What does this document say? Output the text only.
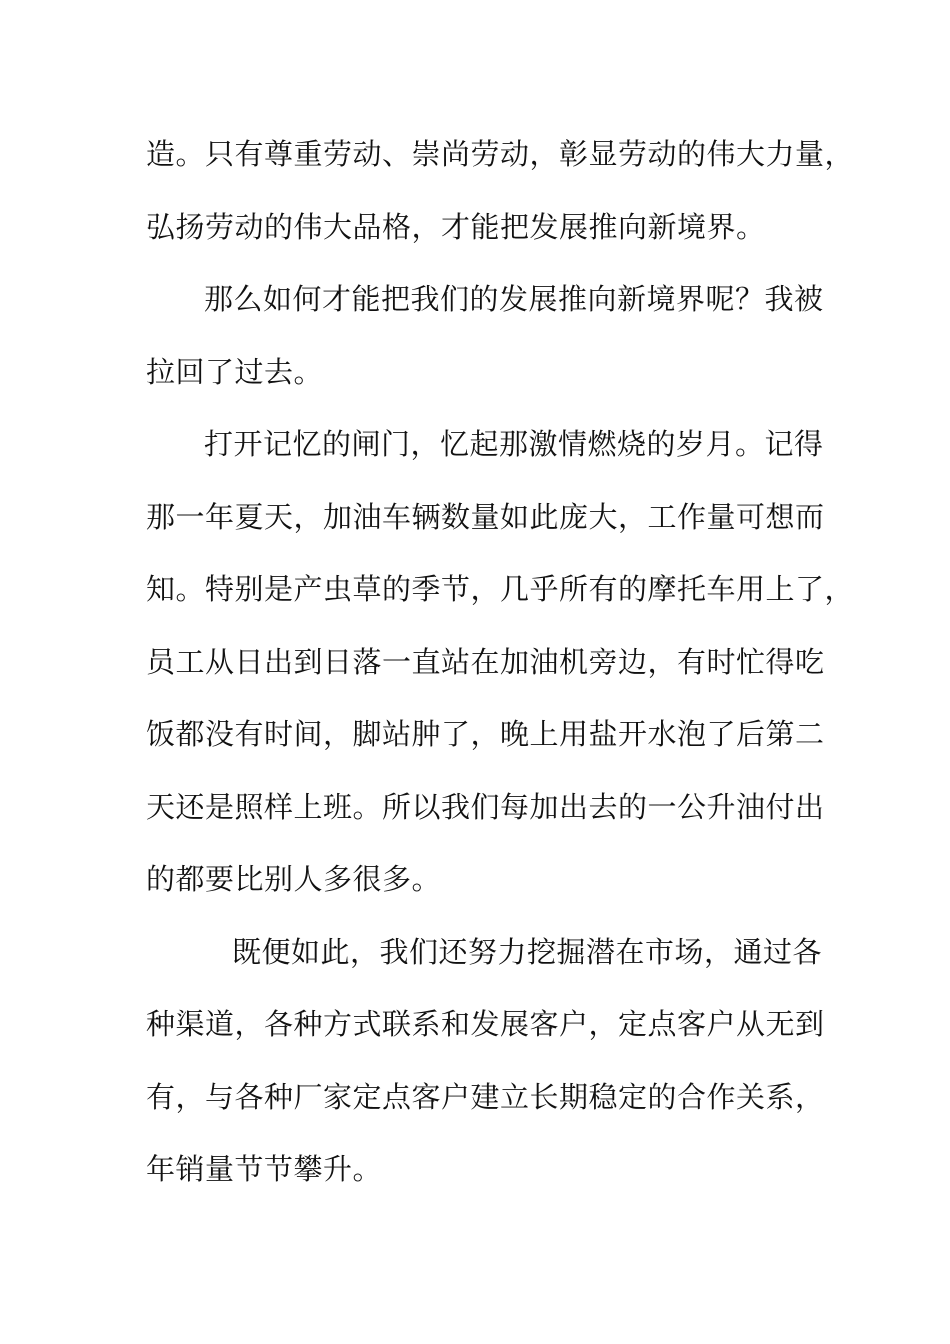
造。只有尊重劳动、崇尚劳动，彰显劳动的伟大力量，
弘扬劳动的伟大品格，才能把发展推向新境界。
那么如何才能把我们的发展推向新境界呢？我被
拉回了过去。
打开记忆的闸门，忆起那激情燃烧的岁月。记得
那一年夏天，加油车辆数量如此庞大，工作量可想而
知。特别是产虫草的季节，几乎所有的摩托车用上了，
员工从日出到日落一直站在加油机旁边，有时忙得吃
饭都没有时间，脚站肿了，晚上用盐开水泡了后第二
天还是照样上班。所以我们每加出去的一公升油付出
的都要比别人多很多。
既便如此，我们还努力挖掘潜在市场，通过各
种渠道，各种方式联系和发展客户，定点客户从无到
有，与各种厂家定点客户建立长期稳定的合作关系，
年销量节节攀升。
